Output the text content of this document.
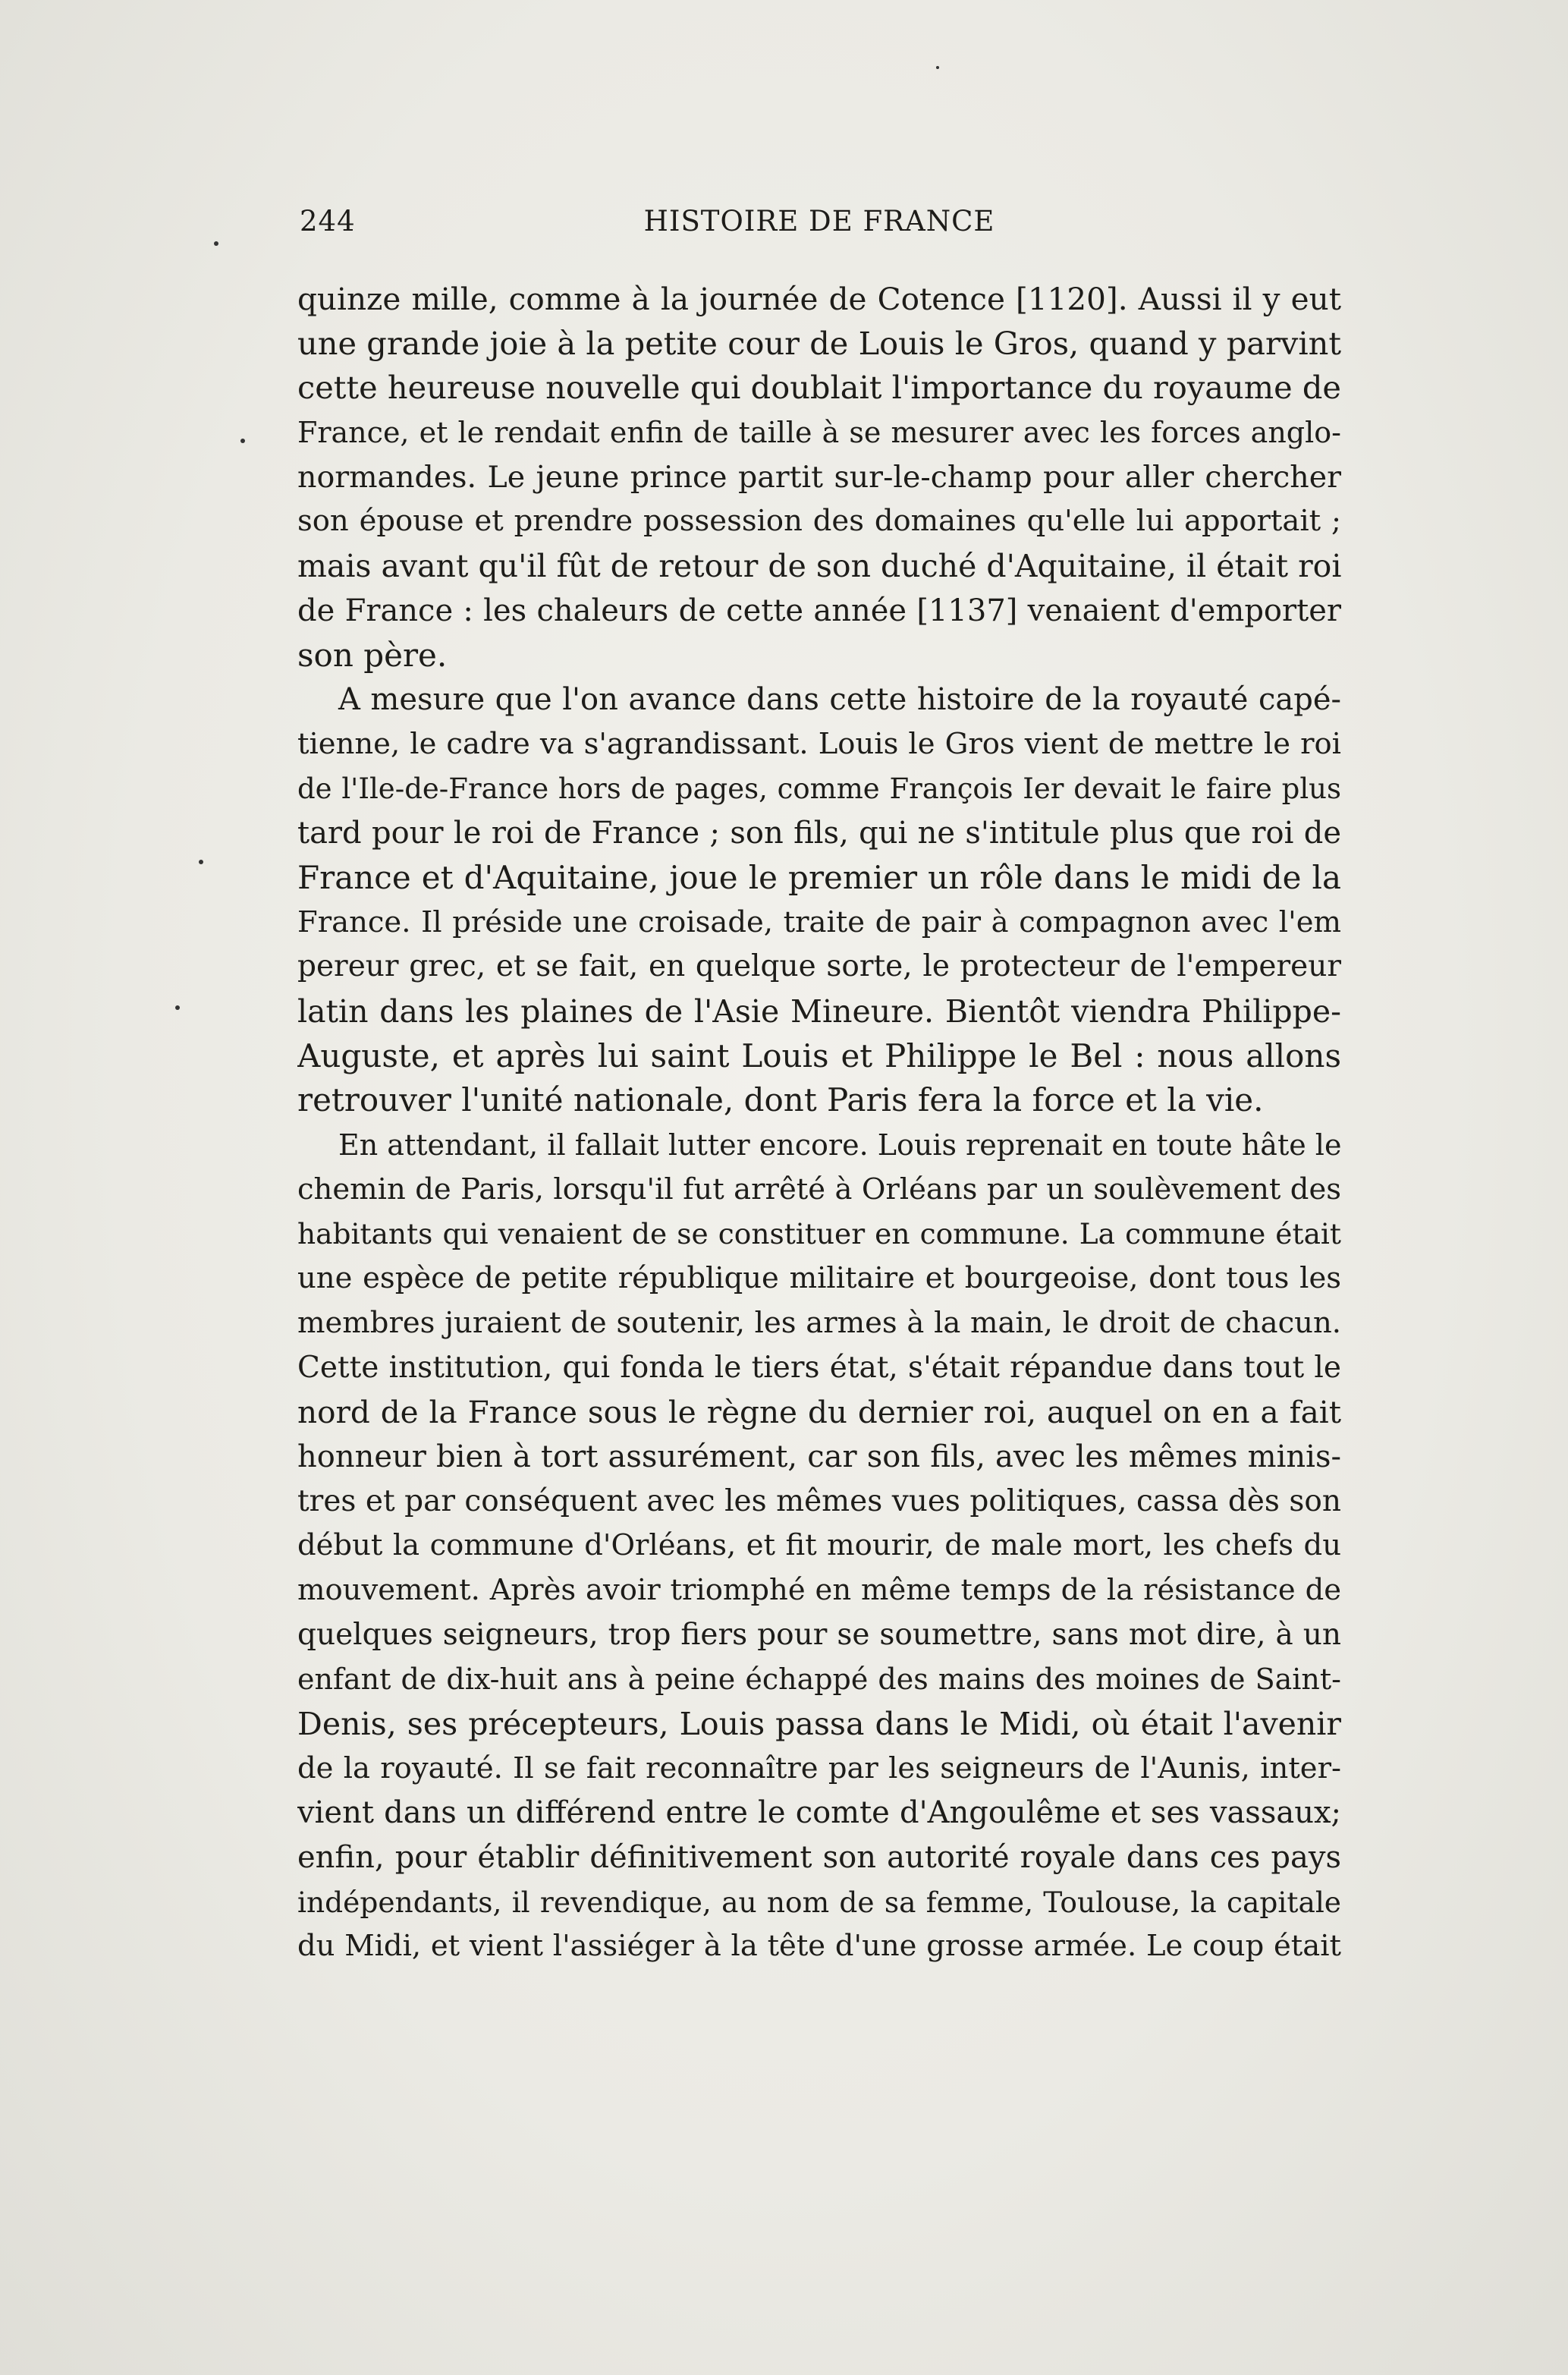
244	HISTOIRE DE FRANCE
quinze mille, comme à la journée de Cotence [1120]. Aussi il y eut
une grande joie à la petite cour de Louis le Gros, quand y parvint
cette heureuse nouvelle qui doublait l'importance du royaume de
France, et le rendait enfin de taille à se mesurer avec les forces anglo-
normandes. Le jeune prince partit sur-le-champ pour aller chercher
son épouse et prendre possession des domaines qu'elle lui apportait ;
mais avant qu'il fût de retour de son duché d'Aquitaine, il était roi
de France : les chaleurs de cette année [1137] venaient d'emporter
son père.
A mesure que l'on avance dans cette histoire de la royauté capé-
tienne, le cadre va s'agrandissant. Louis le Gros vient de mettre le roi
de l'Ile-de-France hors de pages, comme François Ier devait le faire plus
tard pour le roi de France ; son fils, qui ne s'intitule plus que roi de
France et d'Aquitaine, joue le premier un rôle dans le midi de la
France. Il préside une croisade, traite de pair à compagnon avec l'em
pereur grec, et se fait, en quelque sorte, le protecteur de l'empereur
latin dans les plaines de l'Asie Mineure. Bientôt viendra Philippe-
Auguste, et après lui saint Louis et Philippe le Bel : nous allons
retrouver l'unité nationale, dont Paris fera la force et la vie.
En attendant, il fallait lutter encore. Louis reprenait en toute hâte le
chemin de Paris, lorsqu'il fut arrêté à Orléans par un soulèvement des
habitants qui venaient de se constituer en commune. La commune était
une espèce de petite république militaire et bourgeoise, dont tous les
membres juraient de soutenir, les armes à la main, le droit de chacun.
Cette institution, qui fonda le tiers état, s'était répandue dans tout le
nord de la France sous le règne du dernier roi, auquel on en a fait
honneur bien à tort assurément, car son fils, avec les mêmes minis-
tres et par conséquent avec les mêmes vues politiques, cassa dès son
début la commune d'Orléans, et fit mourir, de male mort, les chefs du
mouvement. Après avoir triomphé en même temps de la résistance de
quelques seigneurs, trop fiers pour se soumettre, sans mot dire, à un
enfant de dix-huit ans à peine échappé des mains des moines de Saint-
Denis, ses précepteurs, Louis passa dans le Midi, où était l'avenir
de la royauté. Il se fait reconnaître par les seigneurs de l'Aunis, inter-
vient dans un différend entre le comte d'Angoulême et ses vassaux;
enfin, pour établir définitivement son autorité royale dans ces pays
indépendants, il revendique, au nom de sa femme, Toulouse, la capitale
du Midi, et vient l'assiéger à la tête d'une grosse armée. Le coup était
